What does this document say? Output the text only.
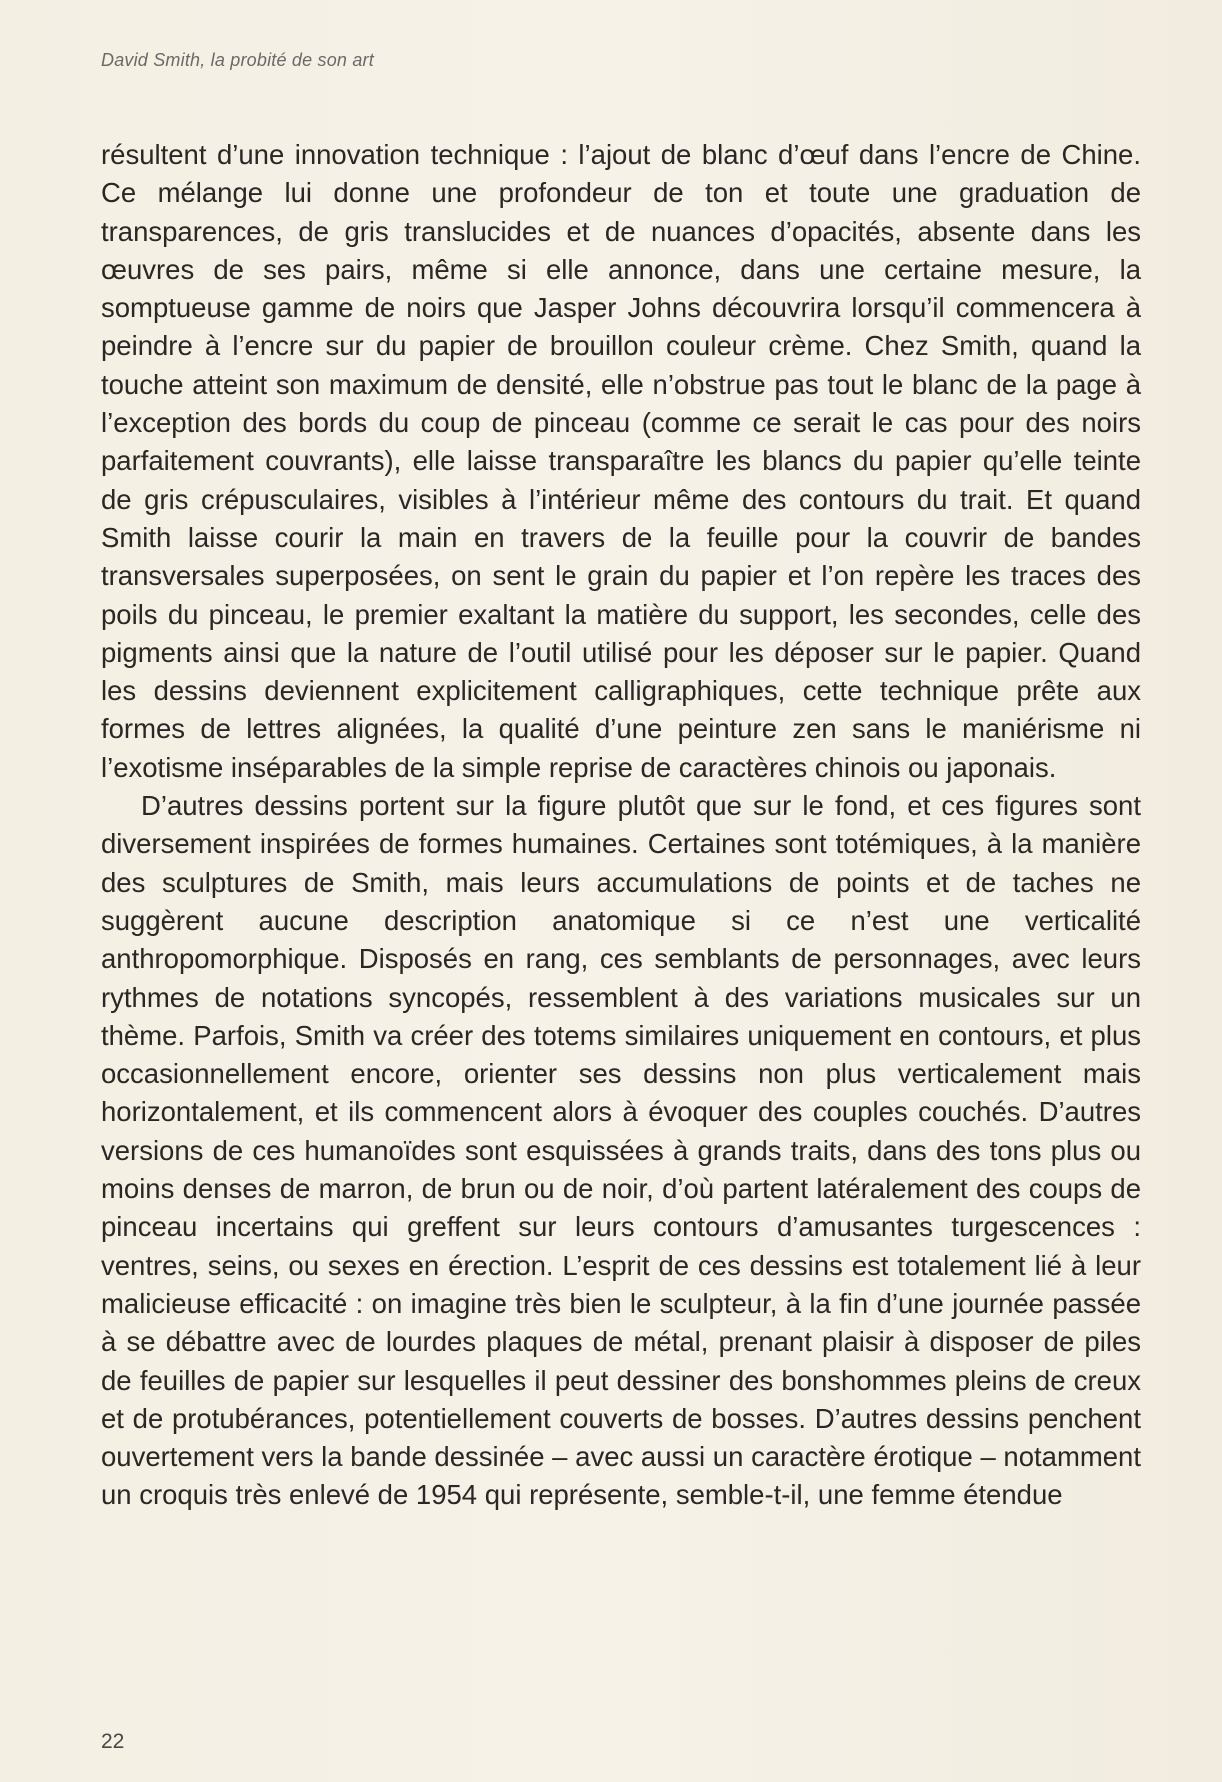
David Smith, la probité de son art

résultent d’une innovation technique : l’ajout de blanc d’œuf dans l’encre de Chine. Ce mélange lui donne une profondeur de ton et toute une graduation de transparences, de gris translucides et de nuances d’opacités, absente dans les œuvres de ses pairs, même si elle annonce, dans une certaine mesure, la somptueuse gamme de noirs que Jasper Johns découvrira lorsqu’il commencera à peindre à l’encre sur du papier de brouillon couleur crème. Chez Smith, quand la touche atteint son maximum de densité, elle n’obstrue pas tout le blanc de la page à l’exception des bords du coup de pinceau (comme ce serait le cas pour des noirs parfaitement couvrants), elle laisse transparaître les blancs du papier qu’elle teinte de gris crépusculaires, visibles à l’intérieur même des contours du trait. Et quand Smith laisse courir la main en travers de la feuille pour la couvrir de bandes transversales superposées, on sent le grain du papier et l’on repère les traces des poils du pinceau, le premier exaltant la matière du support, les secondes, celle des pigments ainsi que la nature de l’outil utilisé pour les déposer sur le papier. Quand les dessins deviennent explicitement calligraphiques, cette technique prête aux formes de lettres alignées, la qualité d’une peinture zen sans le maniérisme ni l’exotisme inséparables de la simple reprise de caractères chinois ou japonais.

D’autres dessins portent sur la figure plutôt que sur le fond, et ces figures sont diversement inspirées de formes humaines. Certaines sont totémiques, à la manière des sculptures de Smith, mais leurs accumulations de points et de taches ne suggèrent aucune description anatomique si ce n’est une verticalité anthropomorphique. Disposés en rang, ces semblants de personnages, avec leurs rythmes de notations syncopés, ressemblent à des variations musicales sur un thème. Parfois, Smith va créer des totems similaires uniquement en contours, et plus occasionnellement encore, orienter ses dessins non plus verticalement mais horizontalement, et ils commencent alors à évoquer des couples couchés. D’autres versions de ces humanoïdes sont esquissées à grands traits, dans des tons plus ou moins denses de marron, de brun ou de noir, d’où partent latéralement des coups de pinceau incertains qui greffent sur leurs contours d’amusantes turgescences : ventres, seins, ou sexes en érection. L’esprit de ces dessins est totalement lié à leur malicieuse efficacité : on imagine très bien le sculpteur, à la fin d’une journée passée à se débattre avec de lourdes plaques de métal, prenant plaisir à disposer de piles de feuilles de papier sur lesquelles il peut dessiner des bonshommes pleins de creux et de protubérances, potentiellement couverts de bosses. D’autres dessins penchent ouvertement vers la bande dessinée – avec aussi un caractère érotique – notamment un croquis très enlevé de 1954 qui représente, semble-t-il, une femme étendue

22
